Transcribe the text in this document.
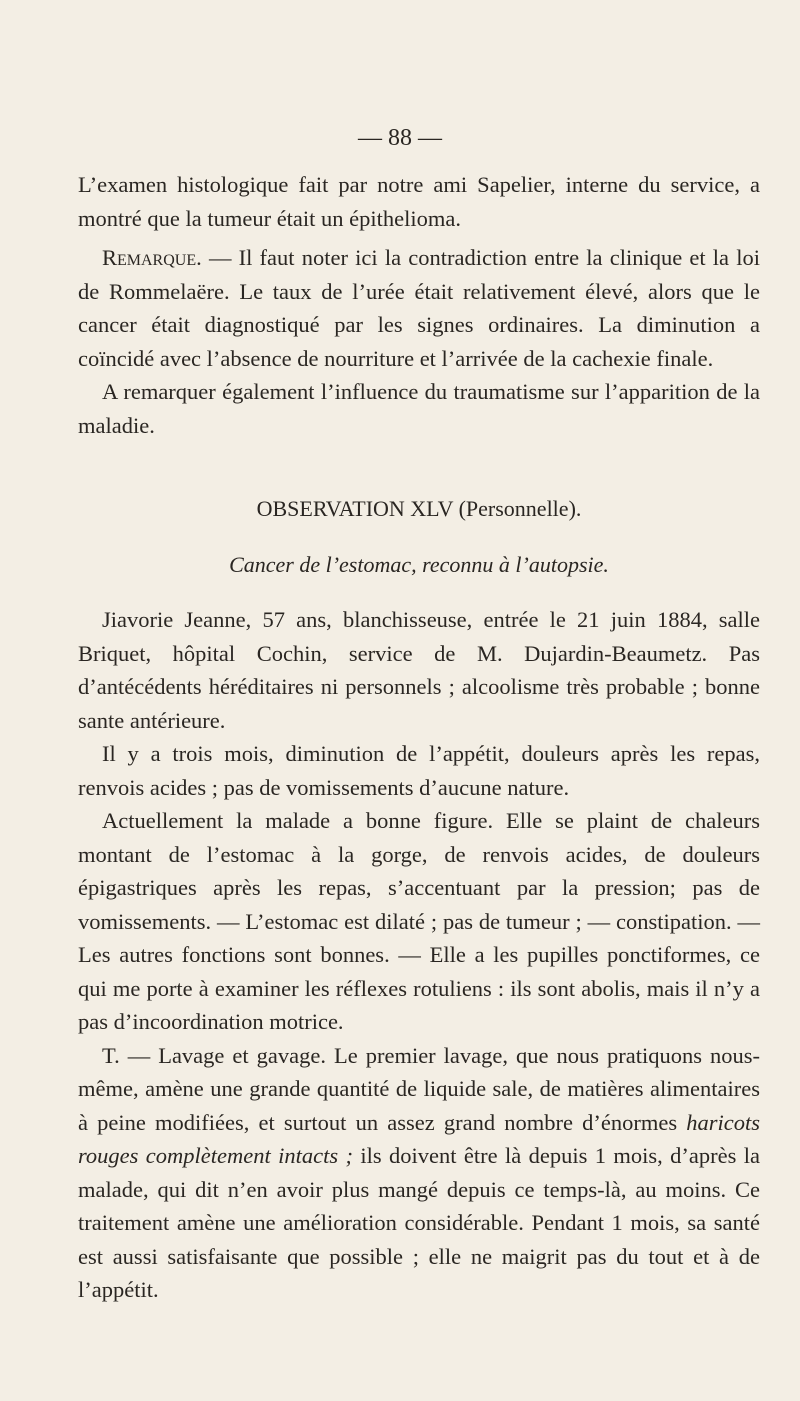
— 88 —

L’examen histologique fait par notre ami Sapelier, interne du service, a montré que la tumeur était un épithelioma.

Remarque. — Il faut noter ici la contradiction entre la clinique et la loi de Rommelaëre. Le taux de l’urée était relativement élevé, alors que le cancer était diagnostiqué par les signes ordinaires. La diminution a coïncidé avec l’absence de nourriture et l’arrivée de la cachexie finale.

A remarquer également l’influence du traumatisme sur l’apparition de la maladie.

OBSERVATION XLV (Personnelle).

Cancer de l’estomac, reconnu à l’autopsie.

Jiavorie Jeanne, 57 ans, blanchisseuse, entrée le 21 juin 1884, salle Briquet, hôpital Cochin, service de M. Dujardin-Beaumetz. Pas d’antécédents héréditaires ni personnels ; alcoolisme très probable ; bonne sante antérieure.

Il y a trois mois, diminution de l’appétit, douleurs après les repas, renvois acides ; pas de vomissements d’aucune nature.

Actuellement la malade a bonne figure. Elle se plaint de chaleurs montant de l’estomac à la gorge, de renvois acides, de douleurs épigastriques après les repas, s’accentuant par la pression; pas de vomissements. — L’estomac est dilaté ; pas de tumeur ; — constipation. — Les autres fonctions sont bonnes. — Elle a les pupilles ponctiformes, ce qui me porte à examiner les réflexes rotuliens : ils sont abolis, mais il n’y a pas d’incoordination motrice.

T. — Lavage et gavage. Le premier lavage, que nous pratiquons nous-même, amène une grande quantité de liquide sale, de matières alimentaires à peine modifiées, et surtout un assez grand nombre d’énormes haricots rouges complètement intacts ; ils doivent être là depuis 1 mois, d’après la malade, qui dit n’en avoir plus mangé depuis ce temps-là, au moins. Ce traitement amène une amélioration considérable. Pendant 1 mois, sa santé est aussi satisfaisante que possible ; elle ne maigrit pas du tout et à de l’appétit.
